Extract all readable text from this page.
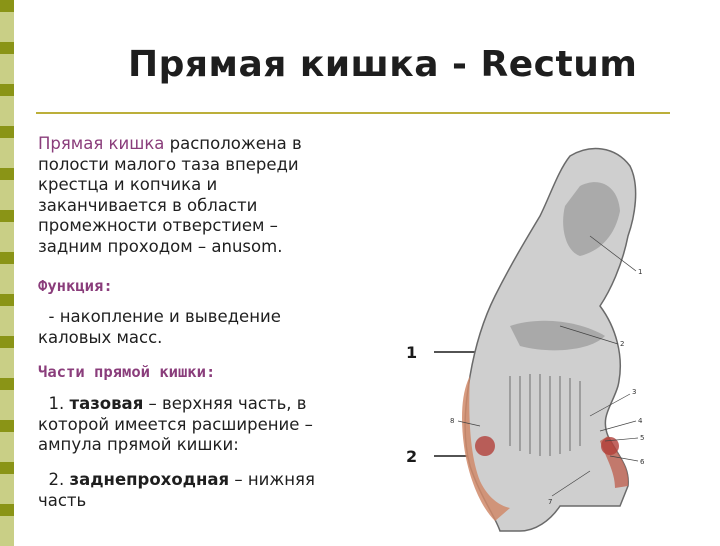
Прямая кишка - Rectum
Прямая кишка расположена в полости малого таза впереди крестца и копчика и заканчивается в области промежности отверстием – задним проходом – anusom.
Функция:
- накопление и выведение каловых масс.
Части прямой кишки:
1. тазовая – верхняя часть, в которой имеется расширение – ампула прямой кишки:
2. заднепроходная – нижняя часть
1
2
1
2
3
4
5
6
7
8
